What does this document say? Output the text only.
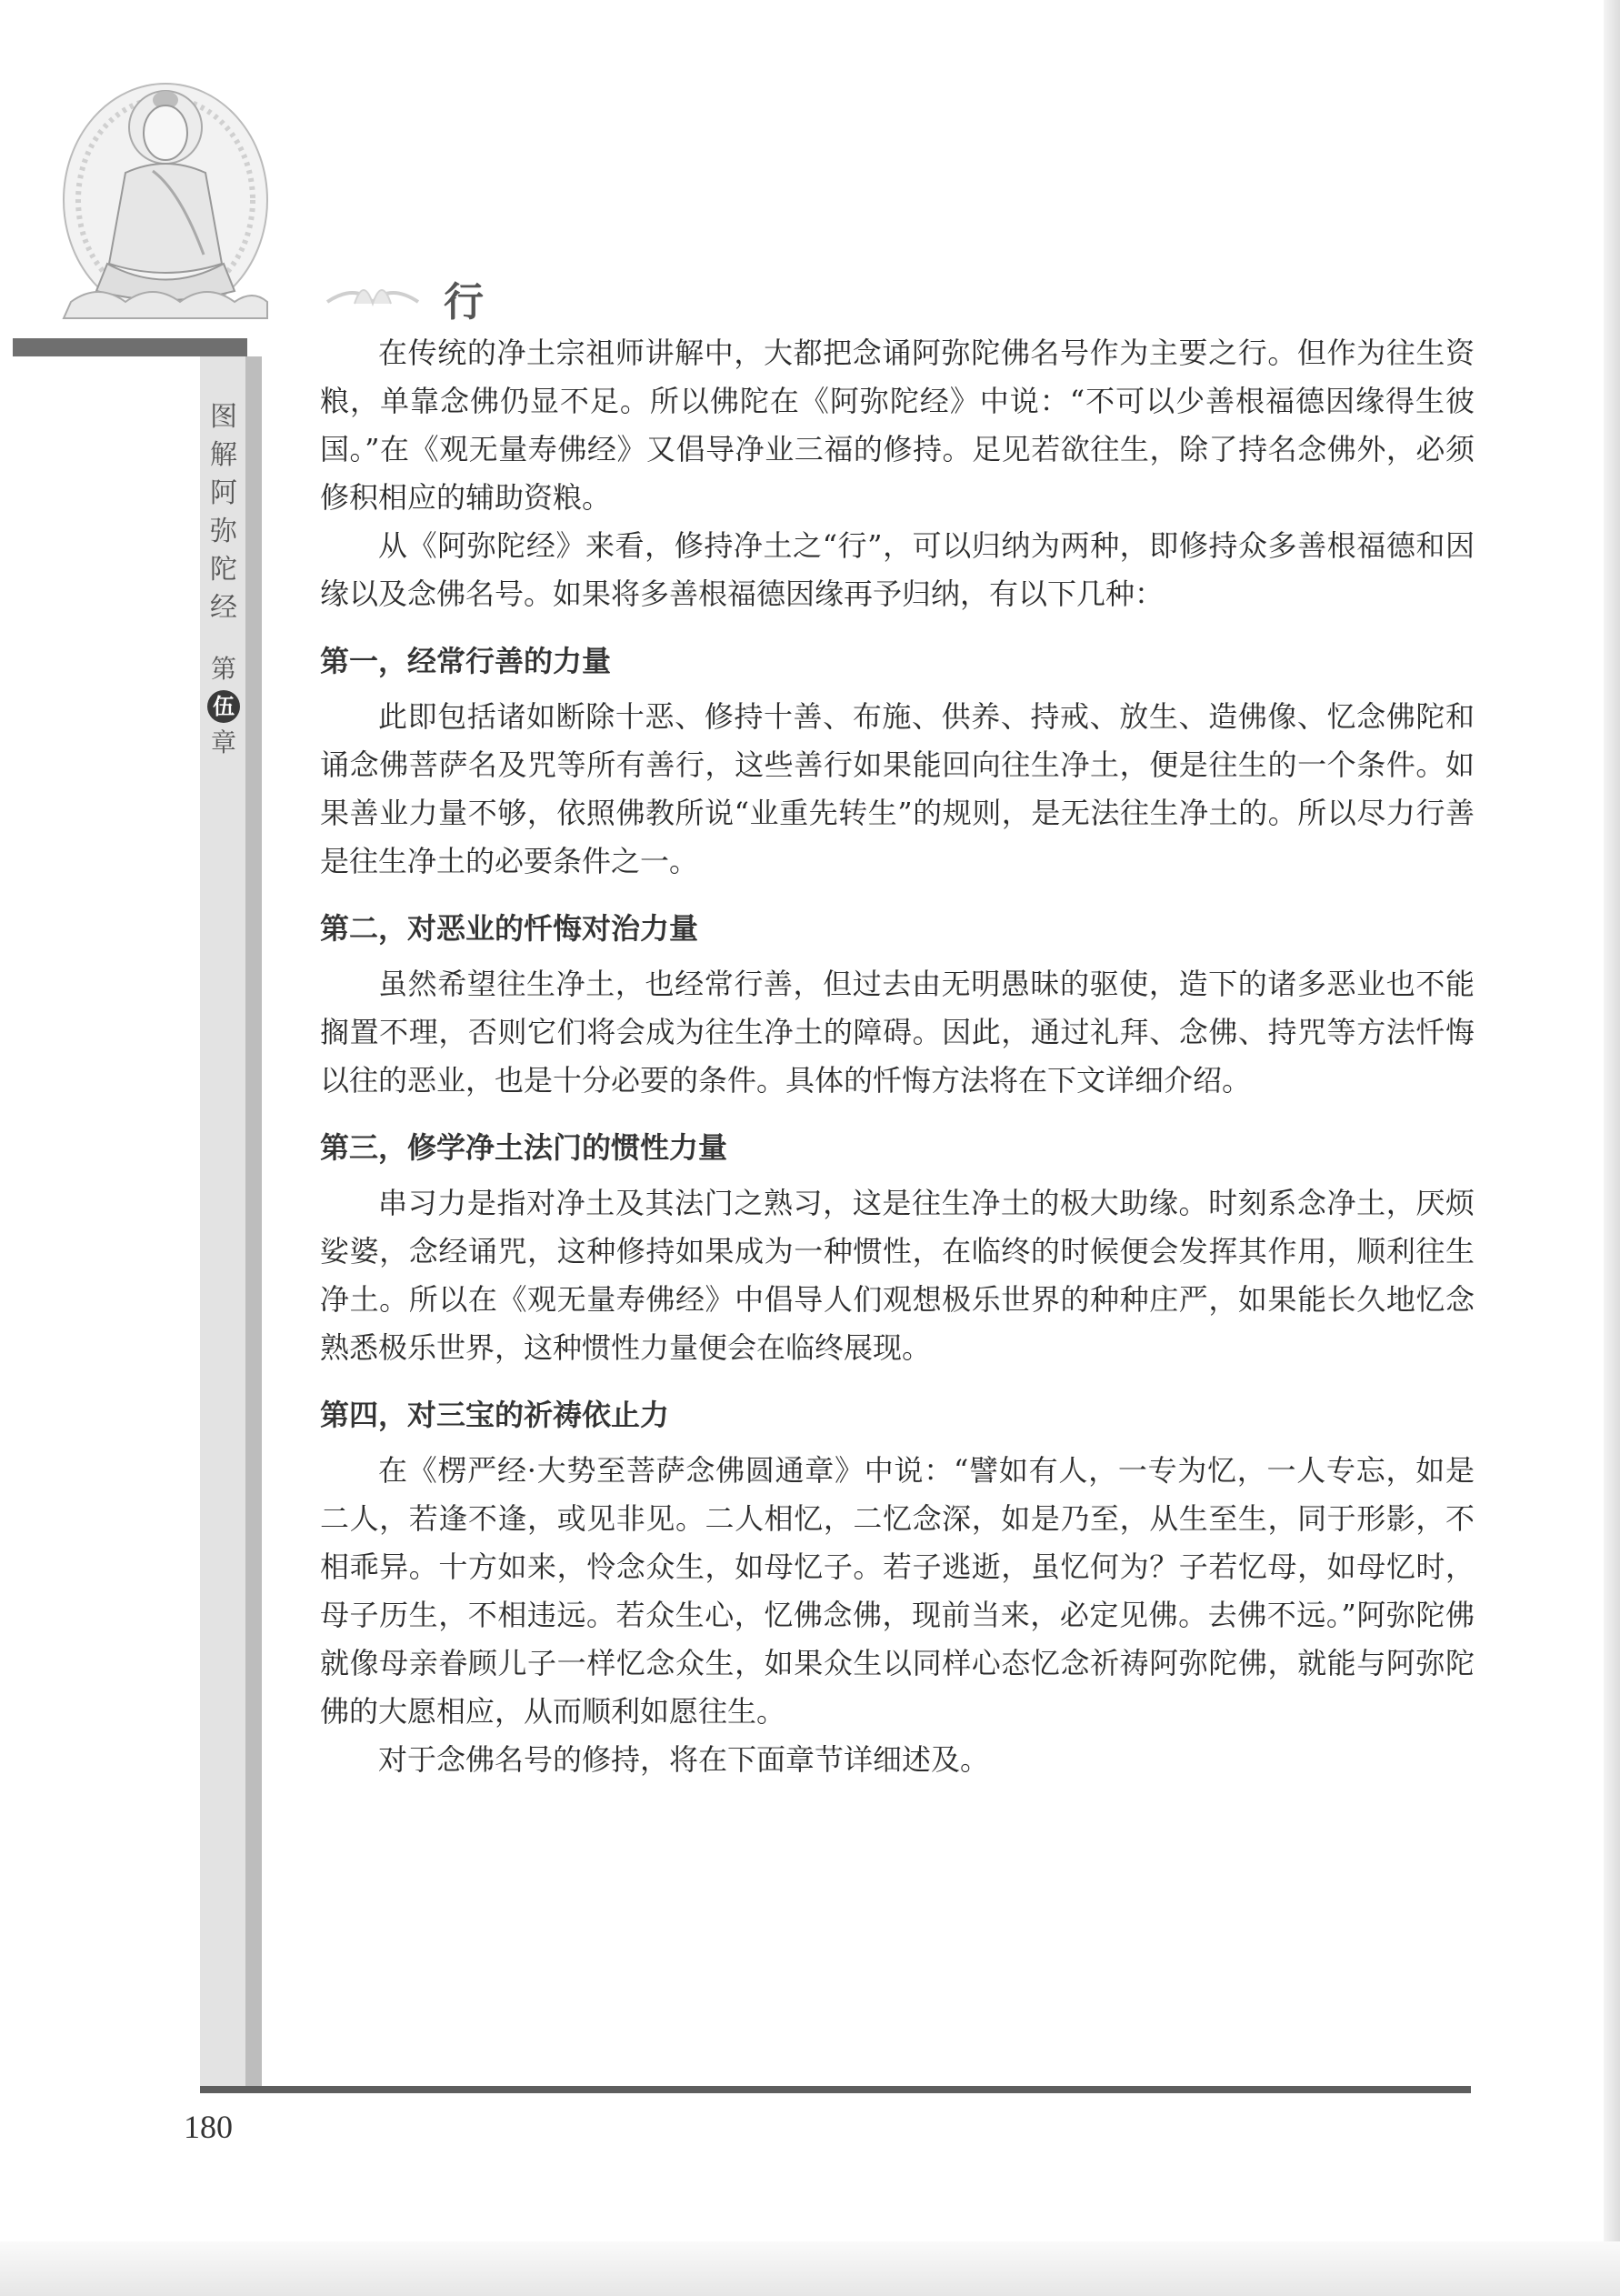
行
图
解
阿
弥
陀
经
第
伍
章

在传统的净土宗祖师讲解中，大都把念诵阿弥陀佛名号作为主要之行。但作为往生资粮，单靠念佛仍显不足。所以佛陀在《阿弥陀经》中说：“不可以少善根福德因缘得生彼国。”在《观无量寿佛经》又倡导净业三福的修持。足见若欲往生，除了持名念佛外，必须修积相应的辅助资粮。

从《阿弥陀经》来看，修持净土之“行”，可以归纳为两种，即修持众多善根福德和因缘以及念佛名号。如果将多善根福德因缘再予归纳，有以下几种：

第一，经常行善的力量

此即包括诸如断除十恶、修持十善、布施、供养、持戒、放生、造佛像、忆念佛陀和诵念佛菩萨名及咒等所有善行，这些善行如果能回向往生净土，便是往生的一个条件。如果善业力量不够，依照佛教所说“业重先转生”的规则，是无法往生净土的。所以尽力行善是往生净土的必要条件之一。

第二，对恶业的忏悔对治力量

虽然希望往生净土，也经常行善，但过去由无明愚昧的驱使，造下的诸多恶业也不能搁置不理，否则它们将会成为往生净土的障碍。因此，通过礼拜、念佛、持咒等方法忏悔以往的恶业，也是十分必要的条件。具体的忏悔方法将在下文详细介绍。

第三，修学净土法门的惯性力量

串习力是指对净土及其法门之熟习，这是往生净土的极大助缘。时刻系念净土，厌烦娑婆，念经诵咒，这种修持如果成为一种惯性，在临终的时候便会发挥其作用，顺利往生净土。所以在《观无量寿佛经》中倡导人们观想极乐世界的种种庄严，如果能长久地忆念熟悉极乐世界，这种惯性力量便会在临终展现。

第四，对三宝的祈祷依止力

在《楞严经·大势至菩萨念佛圆通章》中说：“譬如有人，一专为忆，一人专忘，如是二人，若逢不逢，或见非见。二人相忆，二忆念深，如是乃至，从生至生，同于形影，不相乖异。十方如来，怜念众生，如母忆子。若子逃逝，虽忆何为？子若忆母，如母忆时，母子历生，不相违远。若众生心，忆佛念佛，现前当来，必定见佛。去佛不远。”阿弥陀佛就像母亲眷顾儿子一样忆念众生，如果众生以同样心态忆念祈祷阿弥陀佛，就能与阿弥陀佛的大愿相应，从而顺利如愿往生。

对于念佛名号的修持，将在下面章节详细述及。

180
